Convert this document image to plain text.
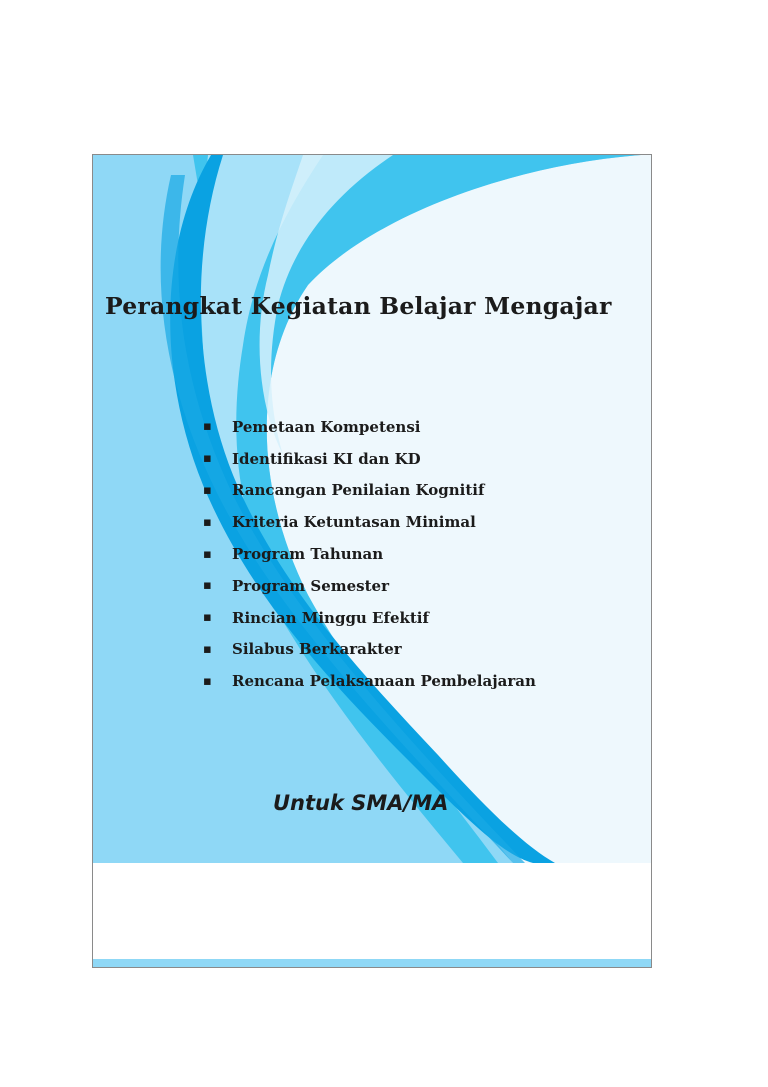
Perangkat Kegiatan Belajar Mengajar
▪	Pemetaan Kompetensi
▪	Identifikasi KI dan KD
▪	Rancangan Penilaian Kognitif
▪	Kriteria Ketuntasan Minimal
▪	Program Tahunan
▪	Program Semester
▪	Rincian Minggu Efektif
▪	Silabus Berkarakter
▪	Rencana Pelaksanaan Pembelajaran
Untuk SMA/MA
